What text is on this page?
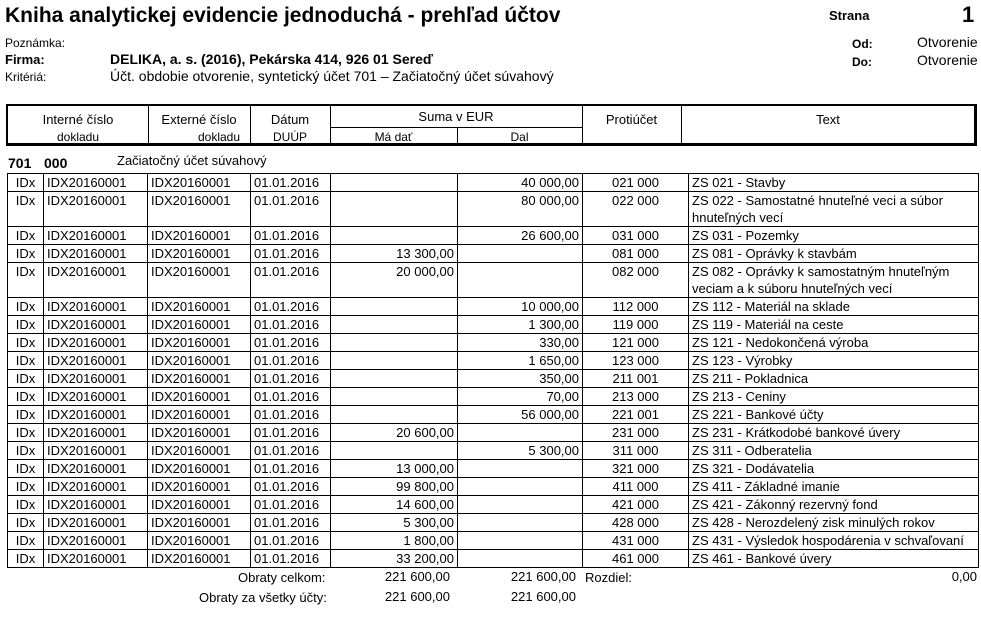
Kniha analytickej evidencie jednoduchá - prehľad účtov	Strana	1
Poznámka:
Firma:	DELIKA, a. s. (2016), Pekárska 414, 926 01 Sereď
Kritériá:	Účt. obdobie otvorenie, syntetický účet 701 – Začiatočný účet súvahový
Od:	Otvorenie
Do:	Otvorenie
Interné číslo
dokladu
Externé číslo
dokladu
Dátum
DUÚP
Suma v EUR
Má dať	Dal
Protiúčet	Text
701 000	Začiatočný účet súvahový
IDx	IDX20160001	IDX20160001	01.01.2016		40 000,00	021 000	ZS 021 - Stavby
IDx	IDX20160001	IDX20160001	01.01.2016		80 000,00	022 000	ZS 022 - Samostatné hnuteľné veci a súbor hnuteľných vecí
IDx	IDX20160001	IDX20160001	01.01.2016		26 600,00	031 000	ZS 031 - Pozemky
IDx	IDX20160001	IDX20160001	01.01.2016	13 300,00		081 000	ZS 081 - Oprávky k stavbám
IDx	IDX20160001	IDX20160001	01.01.2016	20 000,00		082 000	ZS 082 - Oprávky k samostatným hnuteľným veciam a k súboru hnuteľných vecí
IDx	IDX20160001	IDX20160001	01.01.2016		10 000,00	112 000	ZS 112 - Materiál na sklade
IDx	IDX20160001	IDX20160001	01.01.2016		1 300,00	119 000	ZS 119 - Materiál na ceste
IDx	IDX20160001	IDX20160001	01.01.2016		330,00	121 000	ZS 121 - Nedokončená výroba
IDx	IDX20160001	IDX20160001	01.01.2016		1 650,00	123 000	ZS 123 - Výrobky
IDx	IDX20160001	IDX20160001	01.01.2016		350,00	211 001	ZS 211 - Pokladnica
IDx	IDX20160001	IDX20160001	01.01.2016		70,00	213 000	ZS 213 - Ceniny
IDx	IDX20160001	IDX20160001	01.01.2016		56 000,00	221 001	ZS 221 - Bankové účty
IDx	IDX20160001	IDX20160001	01.01.2016	20 600,00		231 000	ZS 231 - Krátkodobé bankové úvery
IDx	IDX20160001	IDX20160001	01.01.2016		5 300,00	311 000	ZS 311 - Odberatelia
IDx	IDX20160001	IDX20160001	01.01.2016	13 000,00		321 000	ZS 321 - Dodávatelia
IDx	IDX20160001	IDX20160001	01.01.2016	99 800,00		411 000	ZS 411 - Základné imanie
IDx	IDX20160001	IDX20160001	01.01.2016	14 600,00		421 000	ZS 421 - Zákonný rezervný fond
IDx	IDX20160001	IDX20160001	01.01.2016	5 300,00		428 000	ZS 428 - Nerozdelený zisk minulých rokov
IDx	IDX20160001	IDX20160001	01.01.2016	1 800,00		431 000	ZS 431 - Výsledok hospodárenia v schvaľovaní
IDx	IDX20160001	IDX20160001	01.01.2016	33 200,00		461 000	ZS 461 - Bankové úvery
Obraty celkom:	221 600,00	221 600,00 Rozdiel:	0,00
Obraty za všetky účty:	221 600,00	221 600,00
